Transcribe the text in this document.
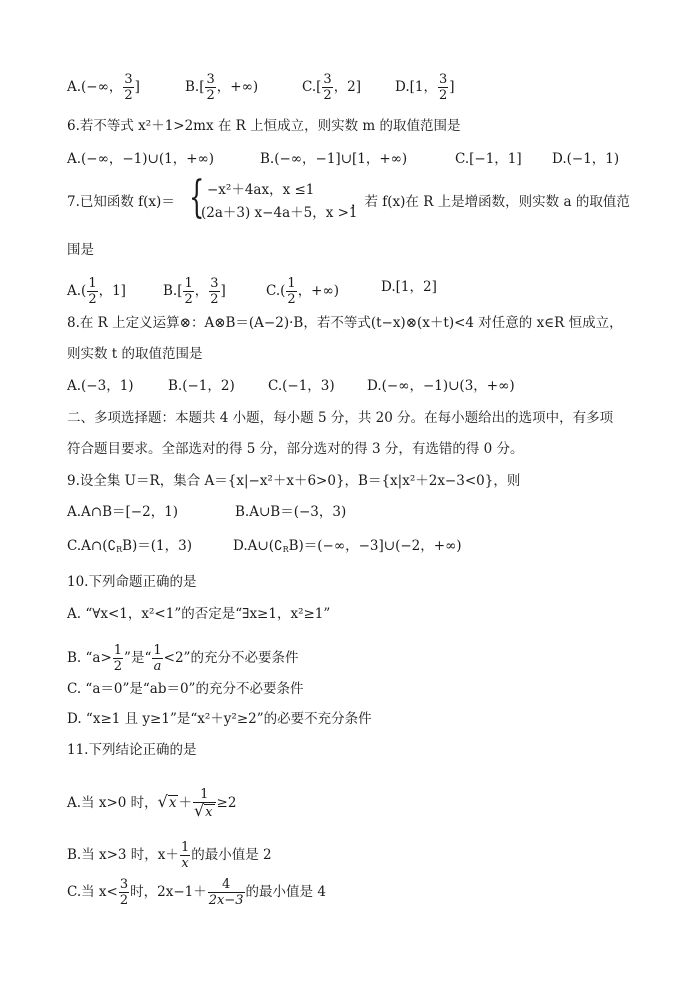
A.(−∞， $\frac{3}{2}$ ]	$B.[ \frac{3}{2}$ ，+∞)	$C.[ \frac{3}{2}$ ，2]	D.[1， $\frac{3}{2}$ ]
6.若不等式 x²＋1>2mx 在 R 上恒成立，则实数 m 的取值范围是
A.(−∞，−1)∪(1，+∞)	B.(−∞，−1]∪[1，+∞)	C.[−1，1] D.(−1，1)
7.已知函数 f(x)＝ { −x²＋4ax，x ≤1
(2a＋3) x−4a＋5，x >1
，若 f(x)在 R 上是增函数，则实数 a 的取值范
围是
$A.( \frac{1}{2}$ ，1]	$B.[ \frac{1}{2}$ ， $\frac{3}{2}$ ]	$C.( \frac{1}{2}$ ，+∞)	D.[1，2]
8.在 R 上定义运算⊗：A⊗B＝(A−2)·B，若不等式(t−x)⊗(x＋t)<4 对任意的 x∈R 恒成立，
则实数 t 的取值范围是
A.(−3，1)	B.(−1，2) C.(−1，3) D.(−∞，−1)∪(3，+∞)
二、多项选择题：本题共 4 小题，每小题 5 分，共 20 分。在每小题给出的选项中，有多项
符合题目要求。全部选对的得 5 分，部分选对的得 3 分，有选错的得 0 分。
9.设全集 U＝R，集合 A＝{x|−x²＋x＋6>0}，B＝{x|x²＋2x−3<0}，则
A.A∩B＝[−2，1)	B.A∪B＝(−3，3)
$C.A\cap(∁_RB)=(1$，3)	$D.A\cup(∁_RB)=(-\infty$，−3]∪(−2，+∞)
10.下列命题正确的是
A. “∀x<1，x²<1”的否定是“∃x≥1，x²≥1”
B. “$a> \frac{1}{2}$ ”是“ $\frac{1}{a} <2$”的充分不必要条件
C. “a＝0”是“ab＝0”的充分不必要条件
D. “x≥1 且 y≥1”是“x²＋y²≥2”的必要不充分条件
11.下列结论正确的是
A.当 x>0 时，$√x + \frac{1}{√x} \ge 2$
B.当 x>3 时，$x+ \frac{1}{x}$ 的最小值是 2
C.当 $x< \frac{3}{2}$ 时，$2x-1+ \frac{4}{2x-3}$ 的最小值是 4
